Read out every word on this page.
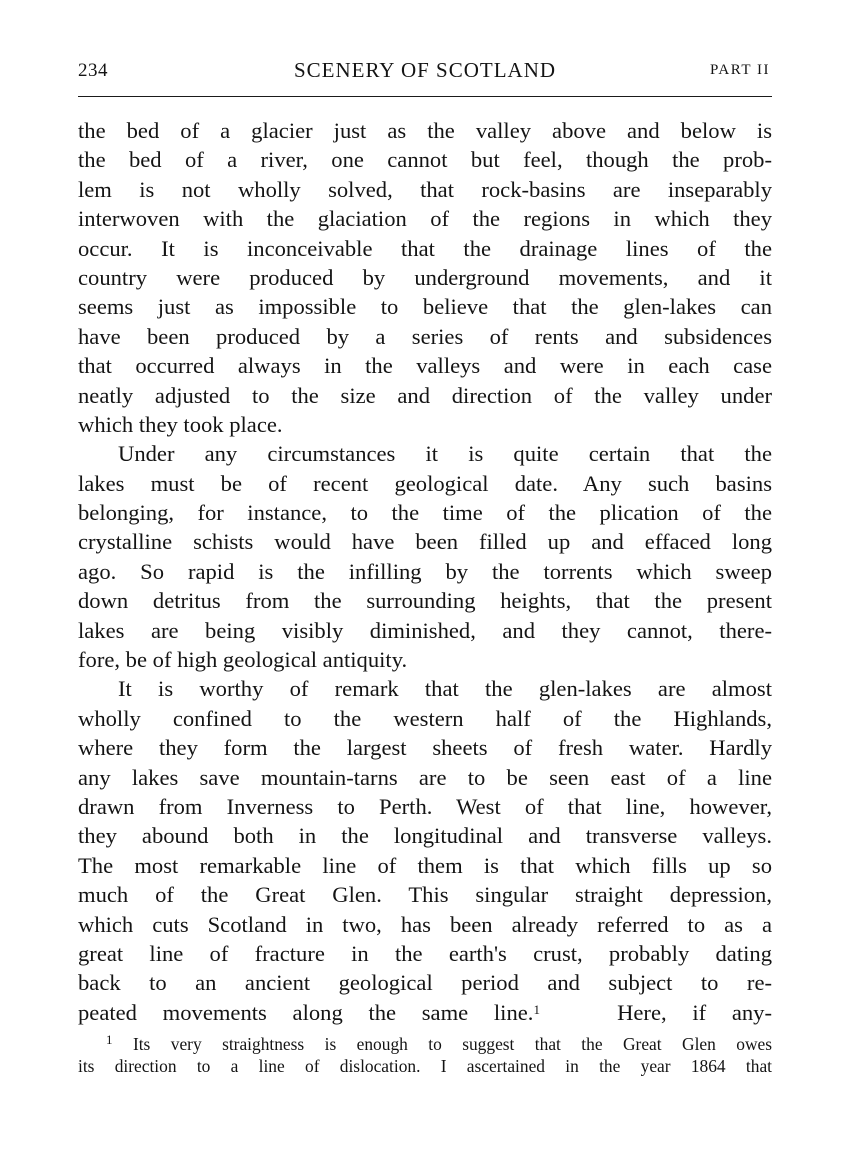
234	SCENERY OF SCOTLAND	PART II
the bed of a glacier just as the valley above and below is
the bed of a river, one cannot but feel, though the prob-
lem is not wholly solved, that rock-basins are inseparably
interwoven with the glaciation of the regions in which they
occur. It is inconceivable that the drainage lines of the
country were produced by underground movements, and it
seems just as impossible to believe that the glen-lakes can
have been produced by a series of rents and subsidences
that occurred always in the valleys and were in each case
neatly adjusted to the size and direction of the valley under
which they took place.
Under any circumstances it is quite certain that the
lakes must be of recent geological date. Any such basins
belonging, for instance, to the time of the plication of the
crystalline schists would have been filled up and effaced long
ago. So rapid is the infilling by the torrents which sweep
down detritus from the surrounding heights, that the present
lakes are being visibly diminished, and they cannot, there-
fore, be of high geological antiquity.
It is worthy of remark that the glen-lakes are almost
wholly confined to the western half of the Highlands,
where they form the largest sheets of fresh water. Hardly
any lakes save mountain-tarns are to be seen east of a line
drawn from Inverness to Perth. West of that line, however,
they abound both in the longitudinal and transverse valleys.
The most remarkable line of them is that which fills up so
much of the Great Glen. This singular straight depression,
which cuts Scotland in two, has been already referred to as a
great line of fracture in the earth's crust, probably dating
back to an ancient geological period and subject to re-
peated movements along the same line.$^1$	Here, if any-
$^1$ Its very straightness is enough to suggest that the Great Glen owes
its direction to a line of dislocation. I ascertained in the year 1864 that
